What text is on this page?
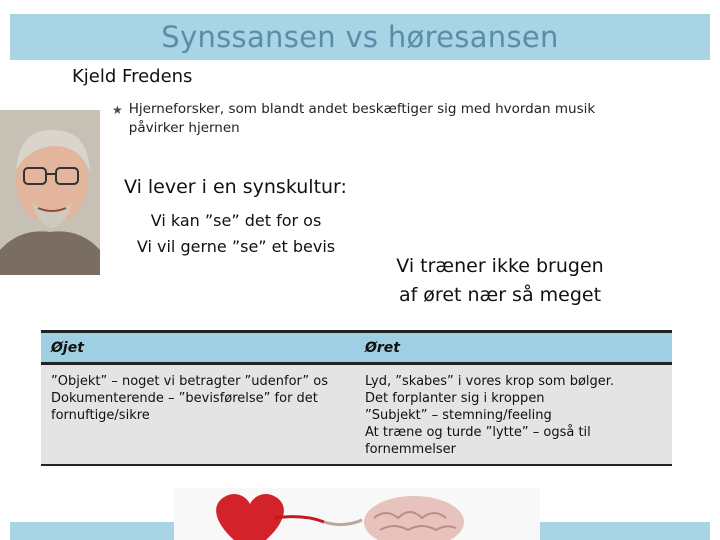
Synssansen vs høresansen
Kjeld Fredens
★ Hjerneforsker, som blandt andet beskæftiger sig med hvordan musik påvirker hjernen
Vi lever i en synskultur:
Vi kan ”se” det for os
Vi vil gerne ”se” et bevis
Vi træner ikke brugen
af øret nær så meget
Øjet	Øret

”Objekt” – noget vi betragter ”udenfor” os
Dokumenterende – ”bevisførelse” for det fornuftige/sikre	Lyd, ”skabes” i vores krop som bølger.
Det forplanter sig i kroppen
”Subjekt” – stemning/feeling
At træne og turde ”lytte” – også til fornemmelser
